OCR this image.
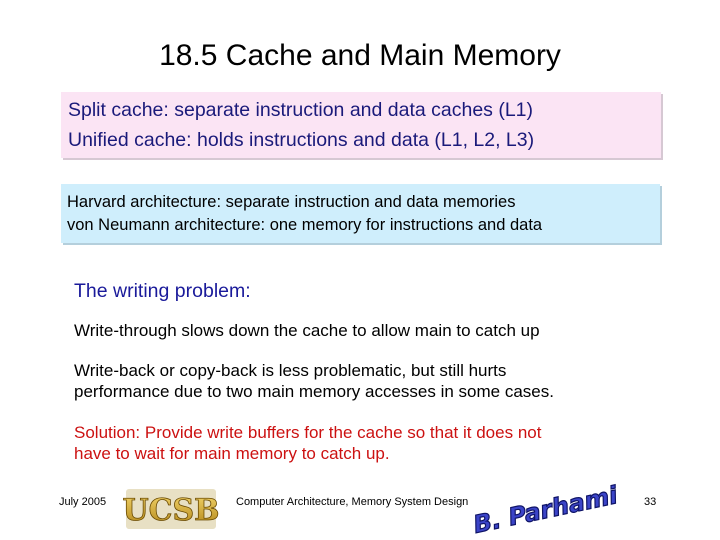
18.5 Cache and Main Memory
Split cache: separate instruction and data caches (L1)
Unified cache: holds instructions and data (L1, L2, L3)
Harvard architecture: separate instruction and data memories
von Neumann architecture: one memory for instructions and data
The writing problem:
Write-through slows down the cache to allow main to catch up
Write-back or copy-back is less problematic, but still hurts
performance due to two main memory accesses in some cases.
Solution: Provide write buffers for the cache so that it does not
have to wait for main memory to catch up.
July 2005 UCSB Computer Architecture, Memory System Design B. Parhami 33
